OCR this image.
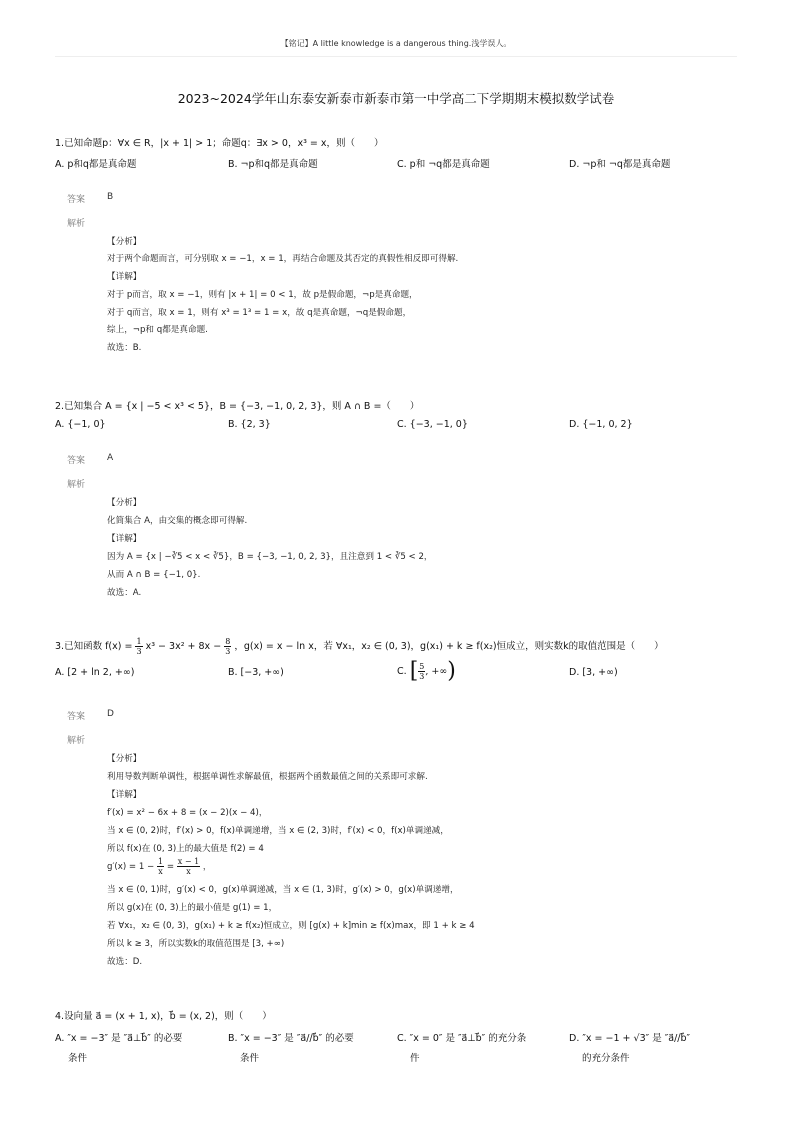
【铭记】A little knowledge is a dangerous thing.浅学误人。
2023~2024学年山东泰安新泰市新泰市第一中学高二下学期期末模拟数学试卷
1.已知命题p：∀x ∈ R，|x + 1| > 1；命题q：∃x > 0，x³ = x，则（　　）
A. p和q都是真命题	B. ¬p和q都是真命题	C. p和 ¬q都是真命题	D. ¬p和 ¬q都是真命题
答案 B
解析
【分析】
对于两个命题而言，可分别取 x = −1，x = 1，再结合命题及其否定的真假性相反即可得解.
【详解】
对于 p而言，取 x = −1，则有 |x + 1| = 0 < 1，故 p是假命题，¬p是真命题，
对于 q而言，取 x = 1，则有 x³ = 1³ = 1 = x，故 q是真命题，¬q是假命题，
综上，¬p和 q都是真命题.
故选：B.
2.已知集合 A = {x | −5 < x³ < 5}，B = {−3, −1, 0, 2, 3}，则 A ∩ B =（　　）
A. {−1, 0}	B. {2, 3}	C. {−3, −1, 0}	D. {−1, 0, 2}
答案 A
解析
【分析】
化简集合 A，由交集的概念即可得解.
【详解】
因为 A = {x | −∛5 < x < ∛5}，B = {−3, −1, 0, 2, 3}，且注意到 1 < ∛5 < 2，
从而 A ∩ B = {−1, 0}.
故选：A.
3.已知函数 $f(x) = \frac{1}{3} x^3 - 3x^2 + 8x - \frac{8}{3}$ ，g(x) = x − ln x，若 ∀x₁，x₂ ∈ (0, 3)，g(x₁) + k ≥ f(x₂)恒成立，则实数k的取值范围是（　　）
A. [2 + ln 2, +∞)	B. [−3, +∞)	C. [ $\frac{5}{3}$ , +∞)	D. [3, +∞)
答案 D
解析
【分析】
利用导数判断单调性，根据单调性求解最值，根据两个函数最值之间的关系即可求解.
【详解】
f′(x) = x² − 6x + 8 = (x − 2)(x − 4)，
当 x ∈ (0, 2)时，f′(x) > 0，f(x)单调递增，当 x ∈ (2, 3)时，f′(x) < 0，f(x)单调递减，
所以 f(x)在 (0, 3)上的最大值是 f(2) = 4
$g'(x) = 1 - \frac{1}{x} = \frac{x - 1}{x}$ ，
当 x ∈ (0, 1)时，g′(x) < 0，g(x)单调递减，当 x ∈ (1, 3)时，g′(x) > 0，g(x)单调递增，
所以 g(x)在 (0, 3)上的最小值是 g(1) = 1，
若 ∀x₁，x₂ ∈ (0, 3)，g(x₁) + k ≥ f(x₂)恒成立，则 [g(x) + k]min ≥ f(x)max，即 1 + k ≥ 4
所以 k ≥ 3，所以实数k的取值范围是 [3, +∞)
故选：D.
4.设向量 a⃗ = (x + 1, x)，b⃗ = (x, 2)，则（　　）
A. ″x = −3″ 是 ″a⃗⊥b⃗″ 的必要
条件
B. ″x = −3″ 是 ″a⃗//b⃗″ 的必要
条件
C. ″x = 0″ 是 ″a⃗⊥b⃗″ 的充分条
件
D. ″x = −1 + √3″ 是 ″a⃗//b⃗″
的充分条件
